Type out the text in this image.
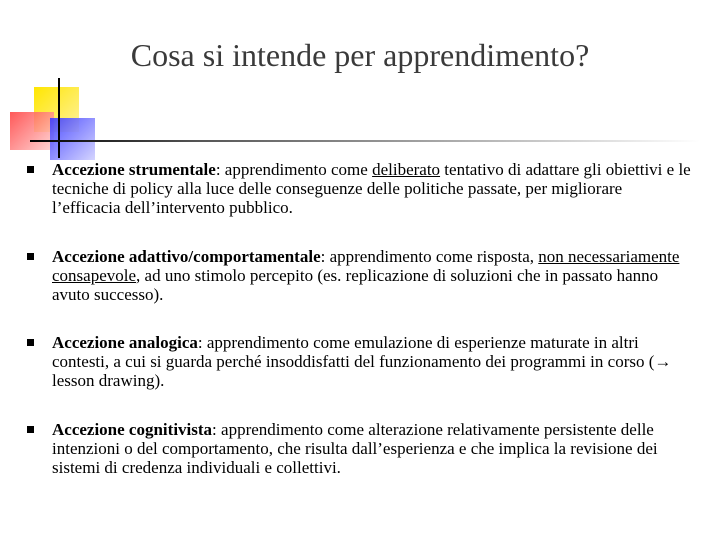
Cosa si intende per apprendimento?
Accezione strumentale: apprendimento come deliberato tentativo di adattare gli obiettivi e le tecniche di policy alla luce delle conseguenze delle politiche passate, per migliorare l’efficacia dell’intervento pubblico.
Accezione adattivo/comportamentale: apprendimento come risposta, non necessariamente consapevole, ad uno stimolo percepito (es. replicazione di soluzioni che in passato hanno avuto successo).
Accezione analogica: apprendimento come emulazione di esperienze maturate in altri contesti, a cui si guarda perché insoddisfatti del funzionamento dei programmi in corso (→ lesson drawing).
Accezione cognitivista: apprendimento come alterazione relativamente persistente delle intenzioni o del comportamento, che risulta dall’esperienza e che implica la revisione dei sistemi di credenza individuali e collettivi.
